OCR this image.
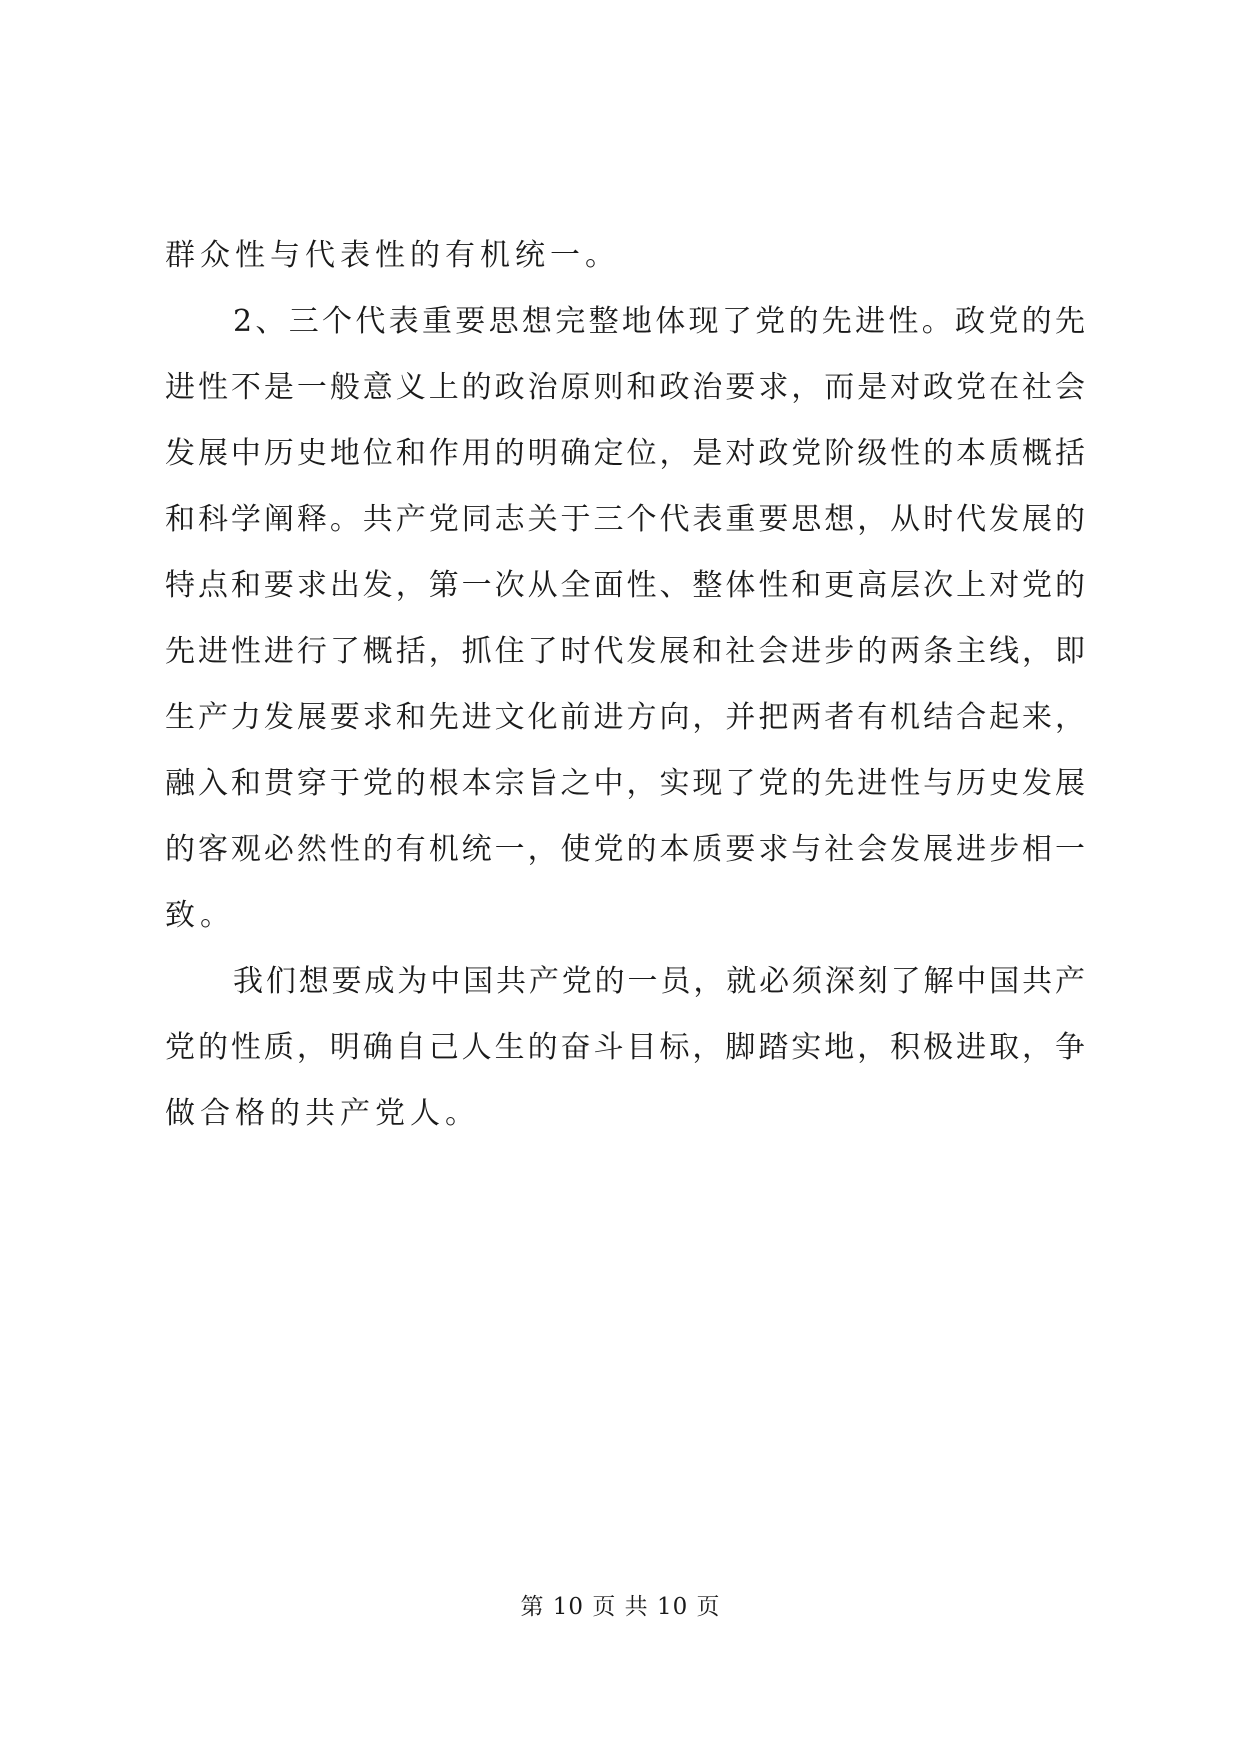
群众性与代表性的有机统一。
2、三个代表重要思想完整地体现了党的先进性。政党的先
进性不是一般意义上的政治原则和政治要求，而是对政党在社会
发展中历史地位和作用的明确定位，是对政党阶级性的本质概括
和科学阐释。共产党同志关于三个代表重要思想，从时代发展的
特点和要求出发，第一次从全面性、整体性和更高层次上对党的
先进性进行了概括，抓住了时代发展和社会进步的两条主线，即
生产力发展要求和先进文化前进方向，并把两者有机结合起来，
融入和贯穿于党的根本宗旨之中，实现了党的先进性与历史发展
的客观必然性的有机统一，使党的本质要求与社会发展进步相一
致。
我们想要成为中国共产党的一员，就必须深刻了解中国共产
党的性质，明确自己人生的奋斗目标，脚踏实地，积极进取，争
做合格的共产党人。
第 10 页 共 10 页
